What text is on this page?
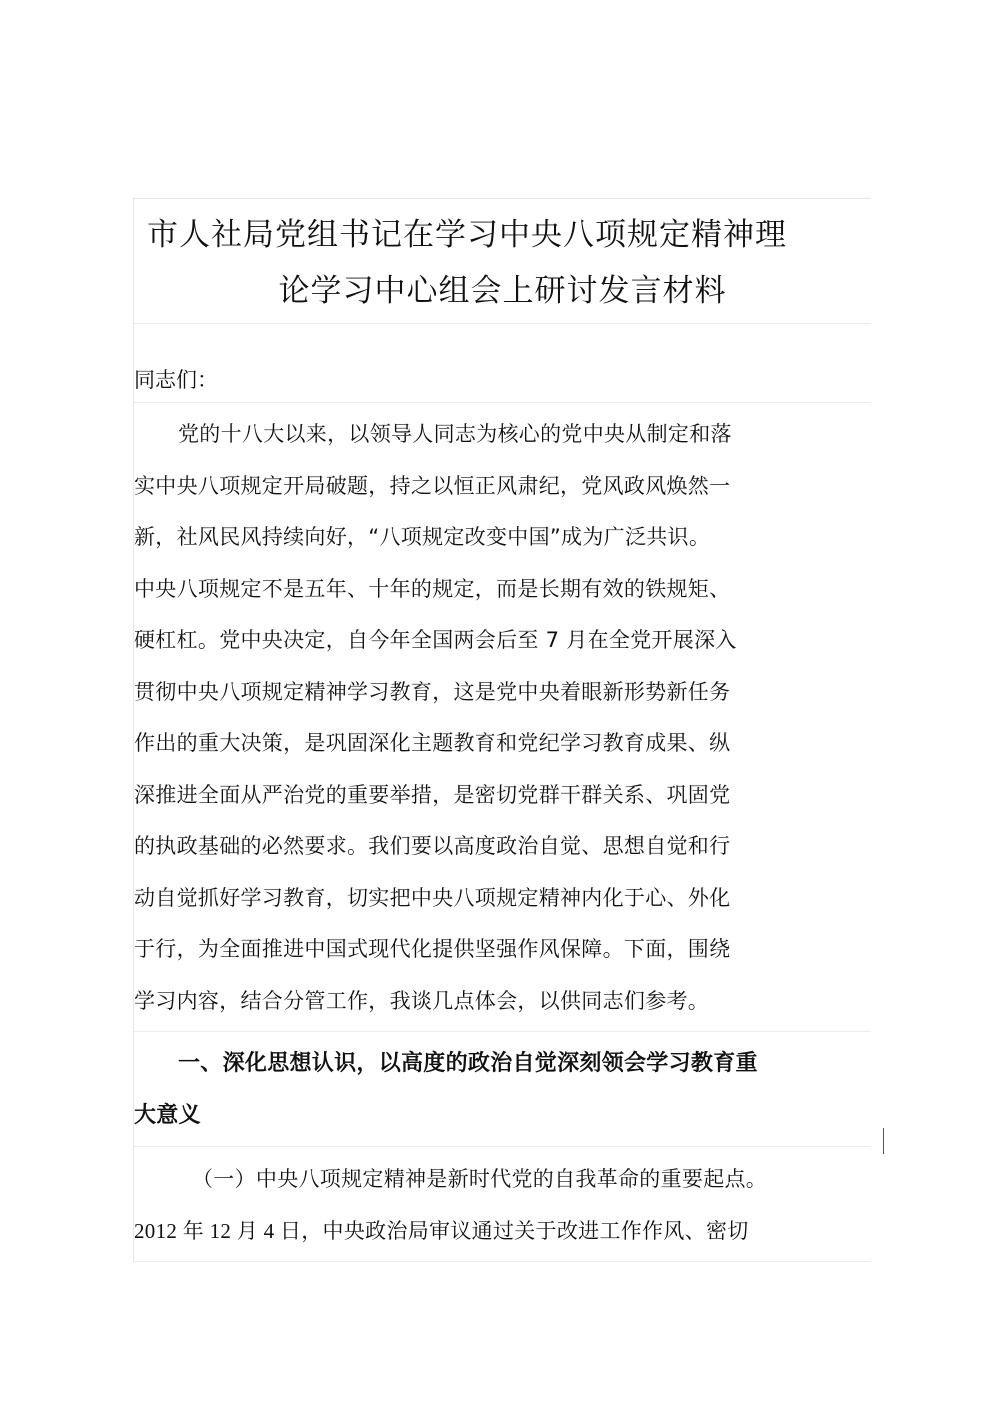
市人社局党组书记在学习中央八项规定精神理
论学习中心组会上研讨发言材料
同志们：
党的十八大以来，以领导人同志为核心的党中央从制定和落
实中央八项规定开局破题，持之以恒正风肃纪，党风政风焕然一
新，社风民风持续向好，“八项规定改变中国”成为广泛共识。
中央八项规定不是五年、十年的规定，而是长期有效的铁规矩、
硬杠杠。党中央决定，自今年全国两会后至 7 月在全党开展深入
贯彻中央八项规定精神学习教育，这是党中央着眼新形势新任务
作出的重大决策，是巩固深化主题教育和党纪学习教育成果、纵
深推进全面从严治党的重要举措，是密切党群干群关系、巩固党
的执政基础的必然要求。我们要以高度政治自觉、思想自觉和行
动自觉抓好学习教育，切实把中央八项规定精神内化于心、外化
于行，为全面推进中国式现代化提供坚强作风保障。下面，围绕
学习内容，结合分管工作，我谈几点体会，以供同志们参考。
一、深化思想认识，以高度的政治自觉深刻领会学习教育重
大意义
（一）中央八项规定精神是新时代党的自我革命的重要起点。
2012 年 12 月 4 日，中央政治局审议通过关于改进工作作风、密切
